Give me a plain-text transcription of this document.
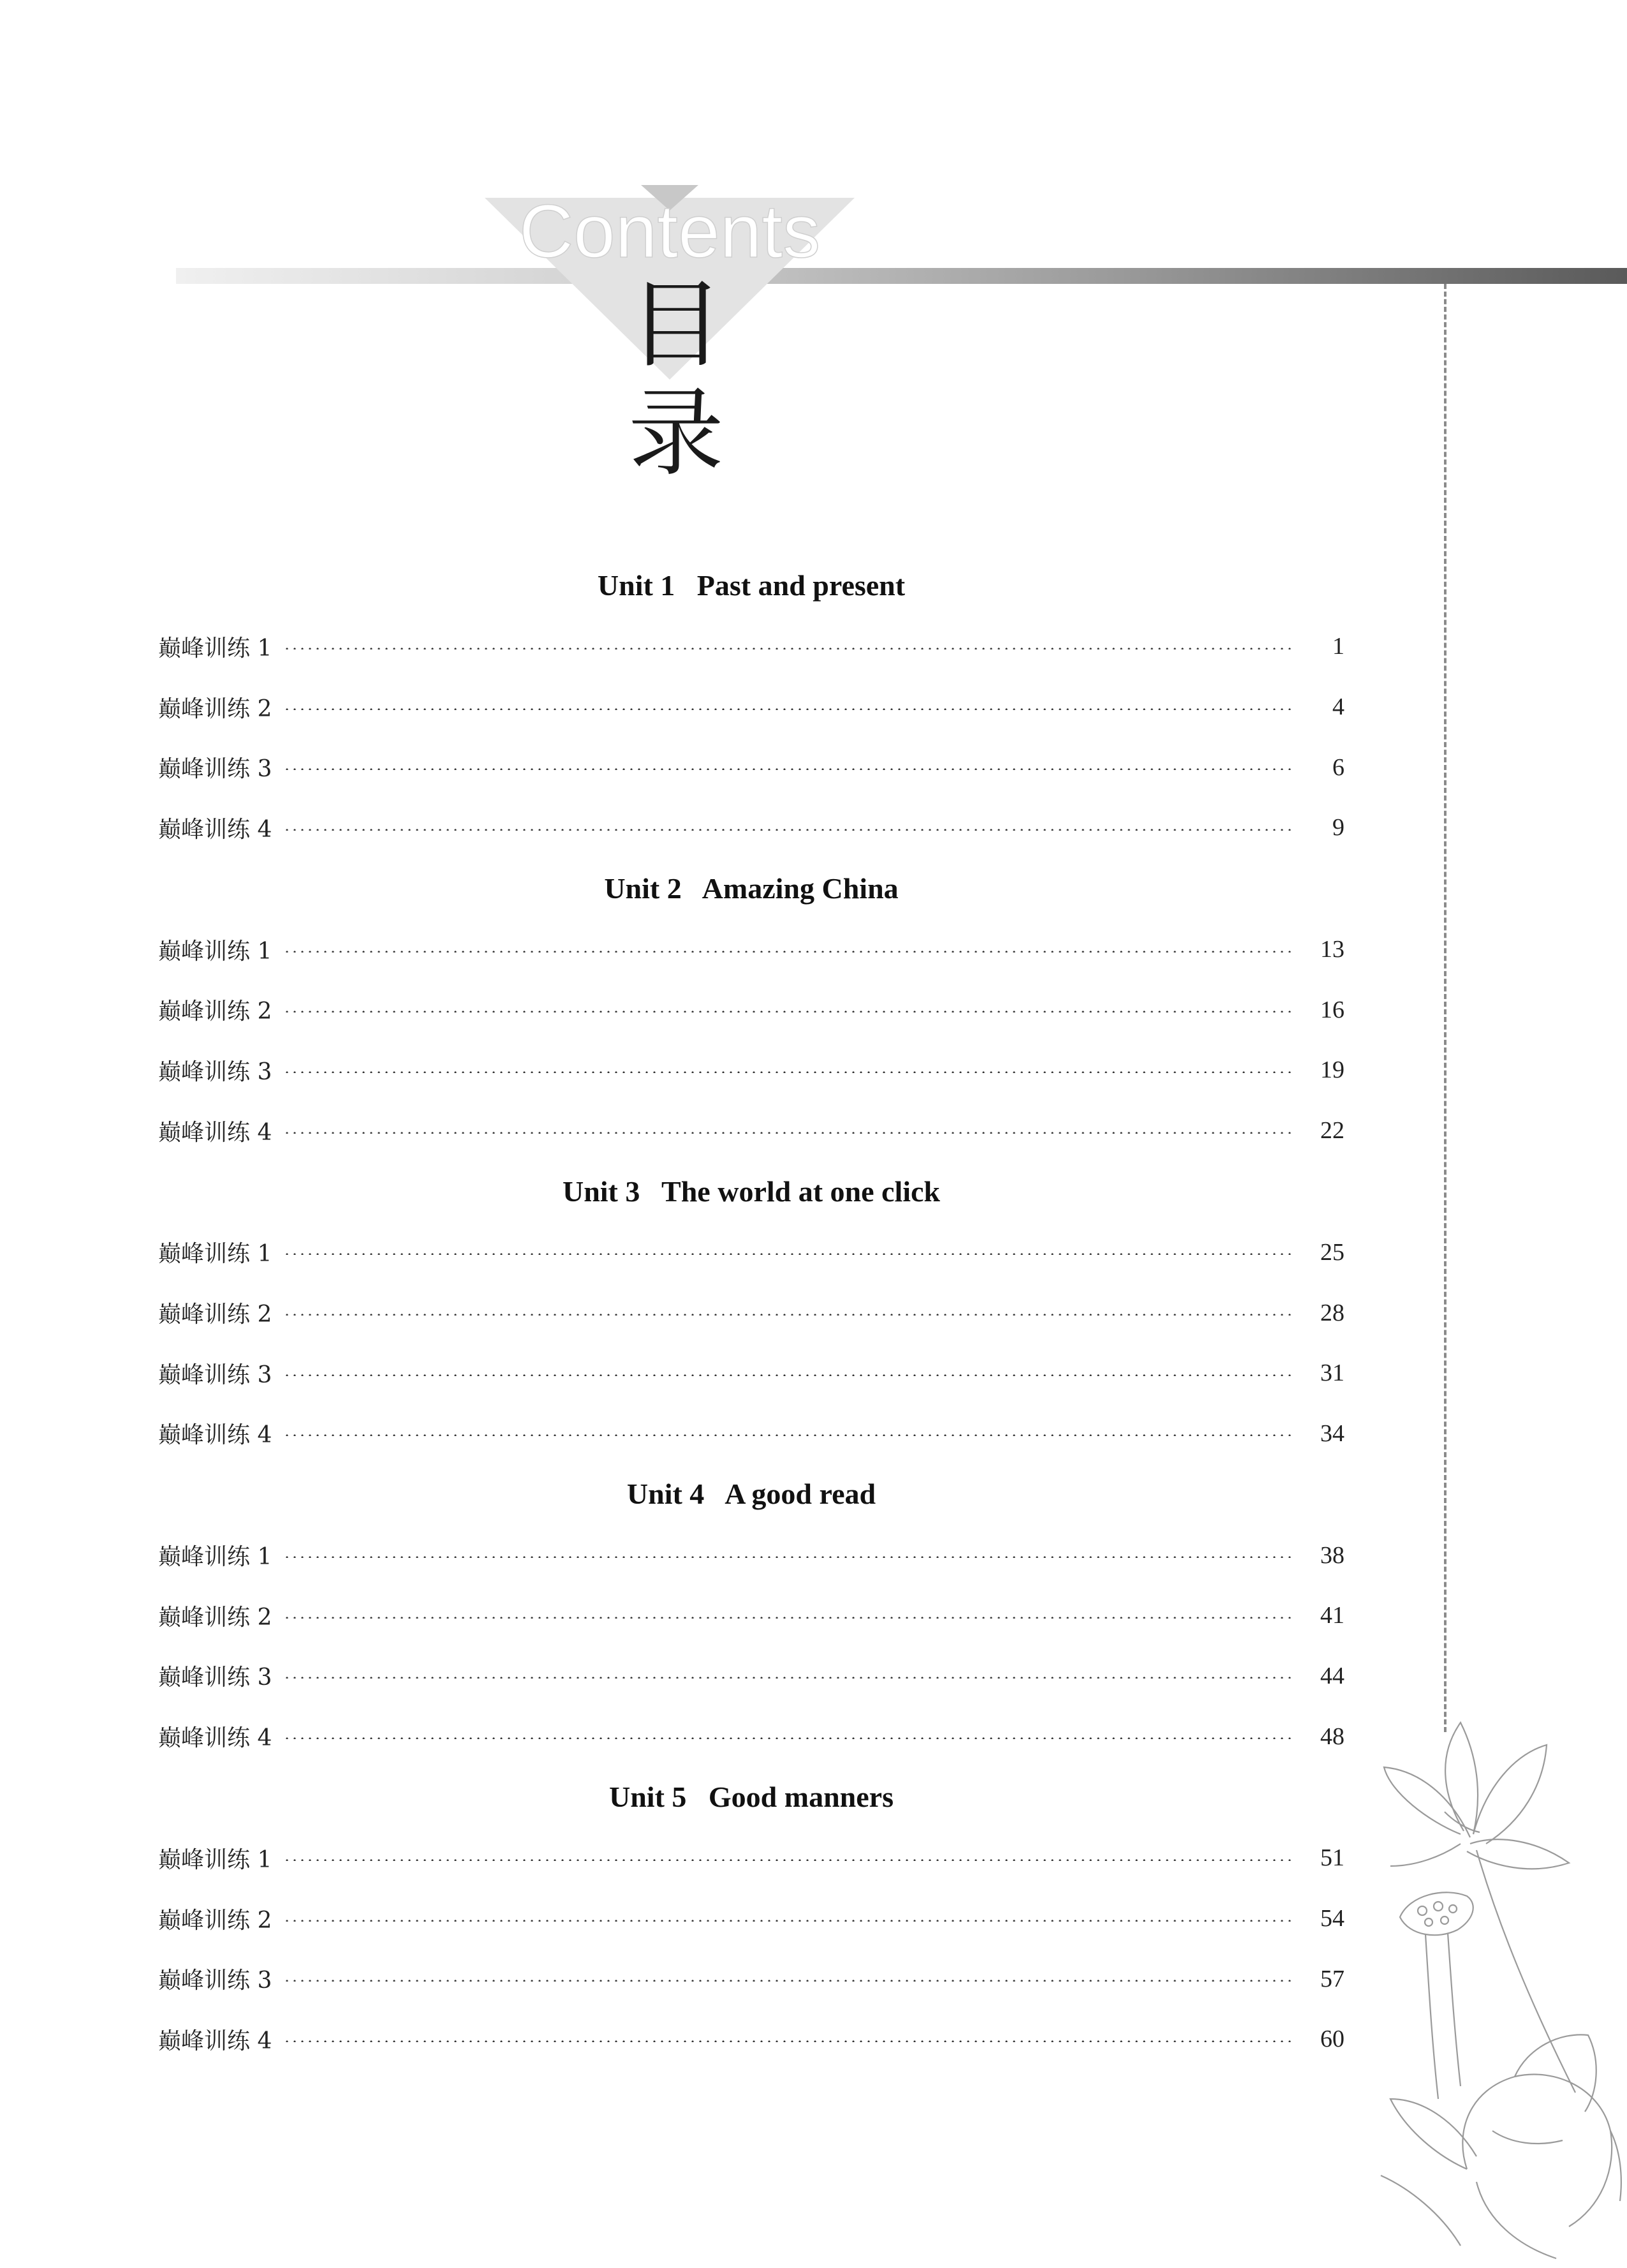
Contents
目录
Unit 1   Past and present
巅峰训练 1	1
巅峰训练 2	4
巅峰训练 3	6
巅峰训练 4	9
Unit 2   Amazing China
巅峰训练 1	13
巅峰训练 2	16
巅峰训练 3	19
巅峰训练 4	22
Unit 3   The world at one click
巅峰训练 1	25
巅峰训练 2	28
巅峰训练 3	31
巅峰训练 4	34
Unit 4   A good read
巅峰训练 1	38
巅峰训练 2	41
巅峰训练 3	44
巅峰训练 4	48
Unit 5   Good manners
巅峰训练 1	51
巅峰训练 2	54
巅峰训练 3	57
巅峰训练 4	60
